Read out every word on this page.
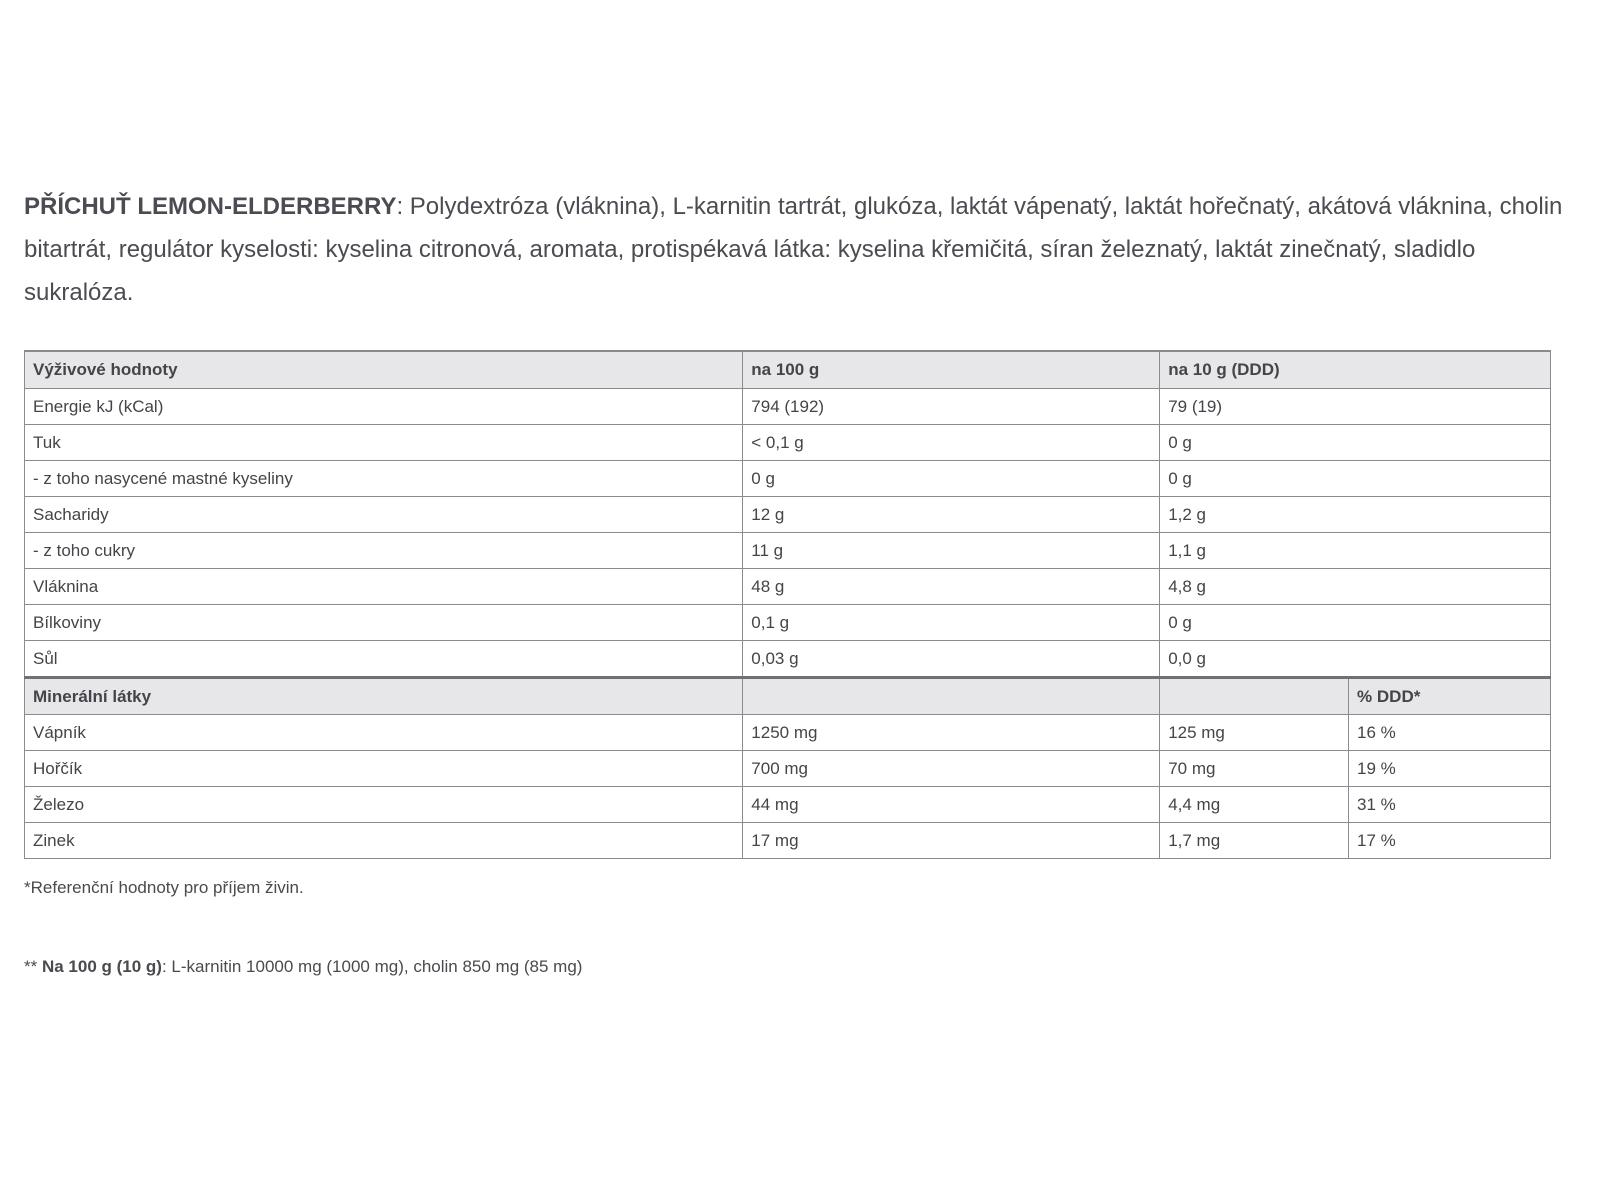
PŘÍCHUŤ LEMON-ELDERBERRY: Polydextróza (vláknina), L-karnitin tartrát, glukóza, laktát vápenatý, laktát hořečnatý, akátová vláknina, cholin bitartrát, regulátor kyselosti: kyselina citronová, aromata, protispékavá látka: kyselina křemičitá, síran železnatý, laktát zinečnatý, sladidlo sukralóza.
Výživové hodnoty	na 100 g	na 10 g (DDD)	
Energie kJ (kCal)	794 (192)	79 (19)	
Tuk	< 0,1 g	0 g	
- z toho nasycené mastné kyseliny	0 g	0 g	
Sacharidy	12 g	1,2 g	
- z toho cukry	11 g	1,1 g	
Vláknina	48 g	4,8 g	
Bílkoviny	0,1 g	0 g	
Sůl	0,03 g	0,0 g	
Minerální látky			% DDD*
Vápník	1250 mg	125 mg	16 %
Hořčík	700 mg	70 mg	19 %
Železo	44 mg	4,4 mg	31 %
Zinek	17 mg	1,7 mg	17 %
*Referenční hodnoty pro příjem živin.
** Na 100 g (10 g): L-karnitin 10000 mg (1000 mg), cholin 850 mg (85 mg)
